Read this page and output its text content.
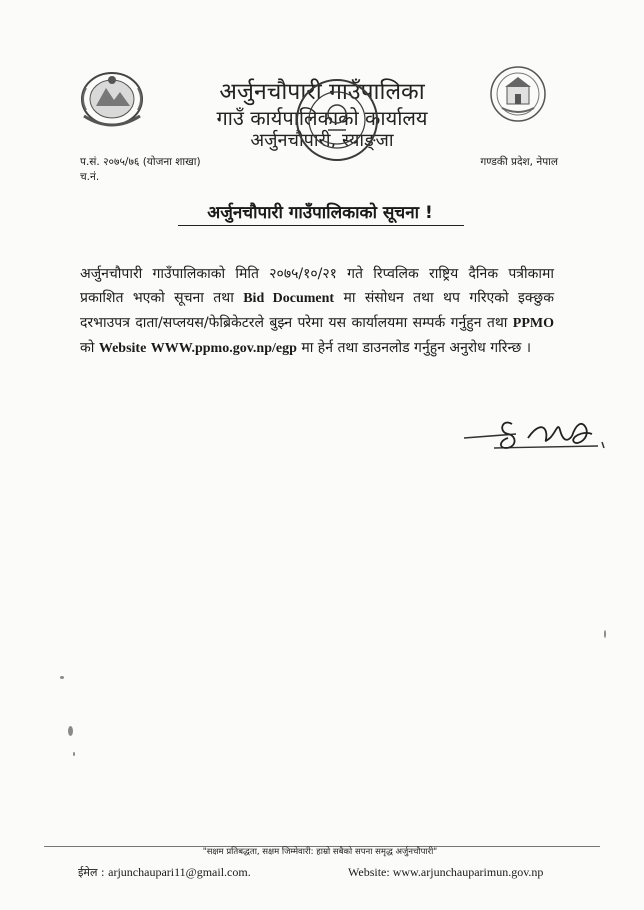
अर्जुनचौपारी गाउँपालिका
गाउँ कार्यपालिकाको कार्यालय
अर्जुनचौपारी, स्याङ्जा
प.सं. २०७५/७६ (योजना शाखा)
च.नं.
गण्डकी प्रदेश, नेपाल
अर्जुनचौपारी गाउँपालिकाको सूचना !
अर्जुनचौपारी गाउँपालिकाको मिति २०७५/१०/२१ गते रिप्वलिक राष्ट्रिय दैनिक पत्रीकामा प्रकाशित भएको सूचना तथा Bid Document मा संसोधन तथा थप गरिएको इक्छुक दरभाउपत्र दाता/सप्लयस/फेब्रिकेटरले बुझ्न परेमा यस कार्यालयमा सम्पर्क गर्नुहुन तथा PPMO को Website WWW.ppmo.gov.np/egp मा हेर्न तथा डाउनलोड गर्नुहुन अनुरोध गरिन्छ ।
"सक्षम प्रतिबद्धता, सक्षम जिम्मेवारी: हाम्रो सबैको सपना समृद्ध अर्जुनचौपारी"
ईमेल : arjunchaupari11@gmail.com.	Website: www.arjunchauparimun.gov.np
